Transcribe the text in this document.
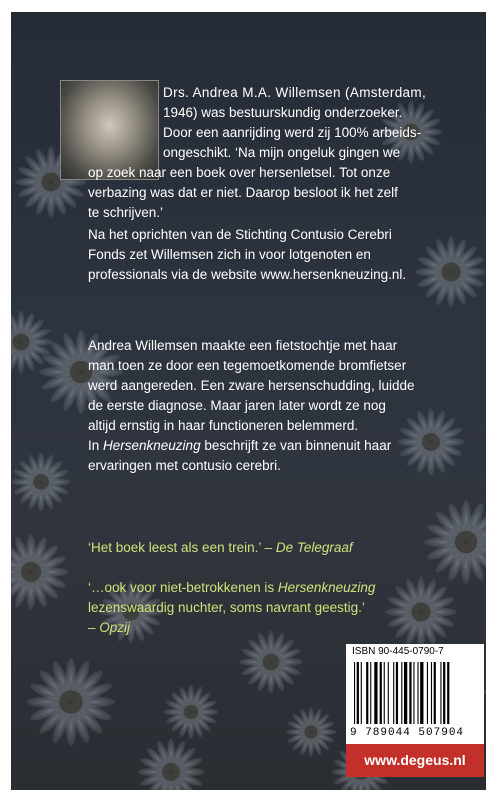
Drs. Andrea M.A. Willemsen (Amsterdam,
1946) was bestuurskundig onderzoeker.
Door een aanrijding werd zij 100% arbeids-
ongeschikt. ‘Na mijn ongeluk gingen we
op zoek naar een boek over hersenletsel. Tot onze
verbazing was dat er niet. Daarop besloot ik het zelf
te schrijven.’
Na het oprichten van de Stichting Contusio Cerebri
Fonds zet Willemsen zich in voor lotgenoten en
professionals via de website www.hersenkneuzing.nl.
Andrea Willemsen maakte een fietstochtje met haar
man toen ze door een tegemoetkomende bromfietser
werd aangereden. Een zware hersenschudding, luidde
de eerste diagnose. Maar jaren later wordt ze nog
altijd ernstig in haar functioneren belemmerd.
In Hersenkneuzing beschrijft ze van binnenuit haar
ervaringen met contusio cerebri.
‘Het boek leest als een trein.’ – De Telegraaf
‘…ook voor niet-betrokkenen is Hersenkneuzing
lezenswaardig nuchter, soms navrant geestig.’
– Opzij
ISBN 90-445-0790-7
9 789044 507904
www.degeus.nl
